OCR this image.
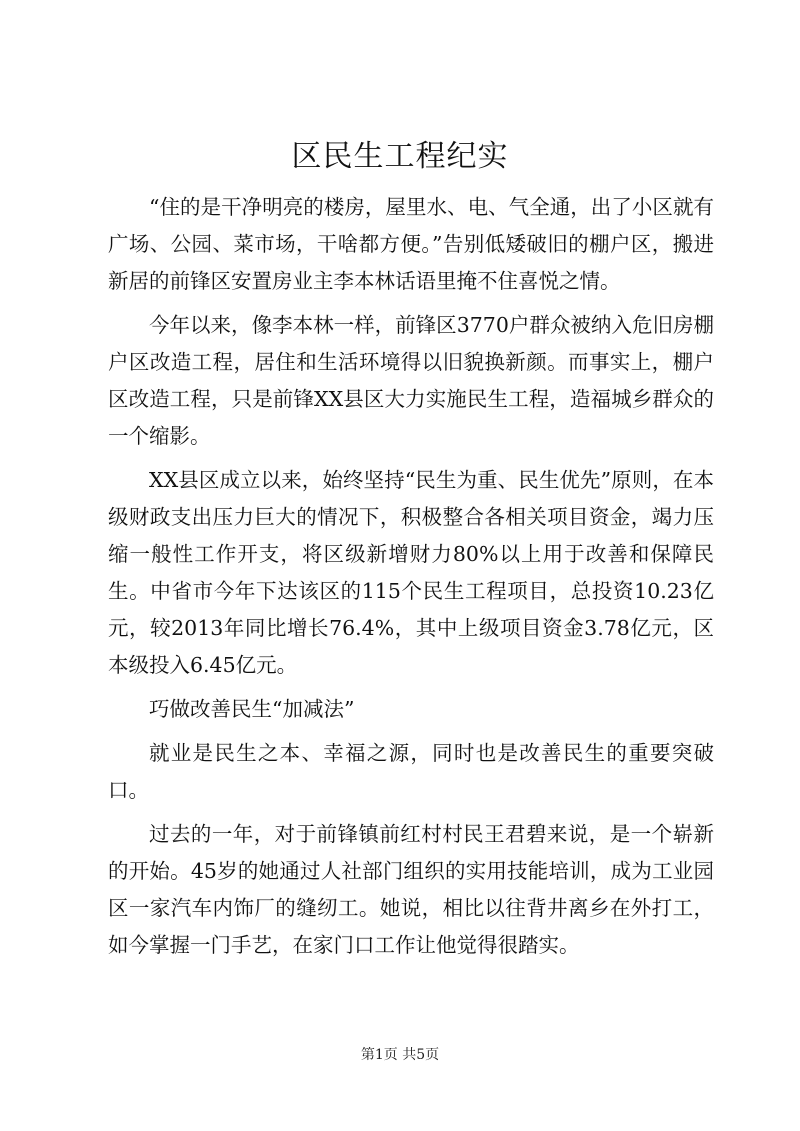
区民生工程纪实

“住的是干净明亮的楼房，屋里水、电、气全通，出了小区就有广场、公园、菜市场，干啥都方便。”告别低矮破旧的棚户区，搬进新居的前锋区安置房业主李本林话语里掩不住喜悦之情。

今年以来，像李本林一样，前锋区3770户群众被纳入危旧房棚户区改造工程，居住和生活环境得以旧貌换新颜。而事实上，棚户区改造工程，只是前锋XX县区大力实施民生工程，造福城乡群众的一个缩影。

XX县区成立以来，始终坚持“民生为重、民生优先”原则，在本级财政支出压力巨大的情况下，积极整合各相关项目资金，竭力压缩一般性工作开支，将区级新增财力80%以上用于改善和保障民生。中省市今年下达该区的115个民生工程项目，总投资10.23亿元，较2013年同比增长76.4%，其中上级项目资金3.78亿元，区本级投入6.45亿元。

巧做改善民生“加减法”

就业是民生之本、幸福之源，同时也是改善民生的重要突破口。

过去的一年，对于前锋镇前红村村民王君碧来说，是一个崭新的开始。45岁的她通过人社部门组织的实用技能培训，成为工业园区一家汽车内饰厂的缝纫工。她说，相比以往背井离乡在外打工，如今掌握一门手艺，在家门口工作让他觉得很踏实。

第1页 共5页
